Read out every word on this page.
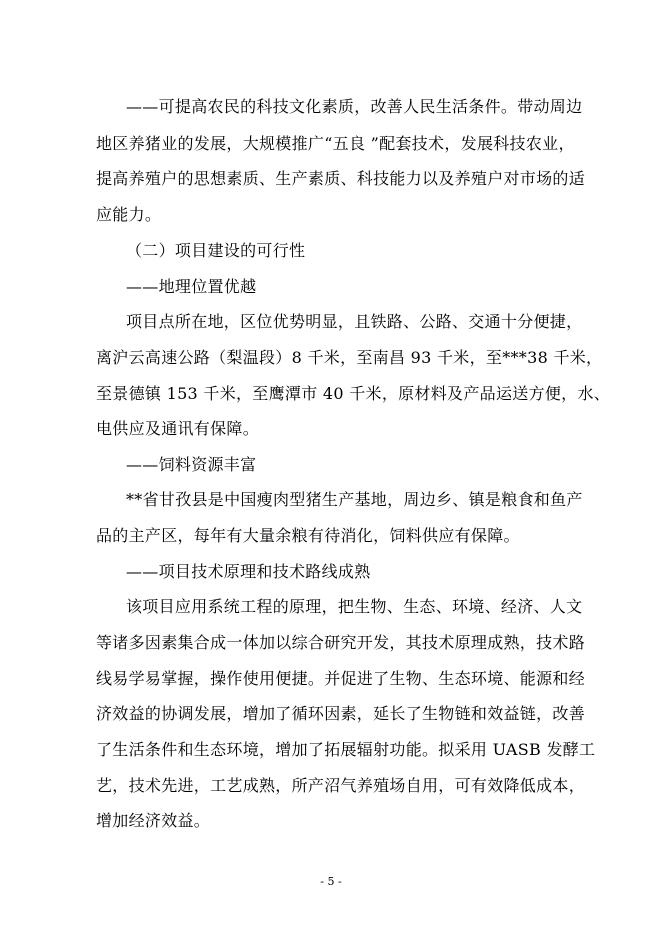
——可提高农民的科技文化素质，改善人民生活条件。带动周边
地区养猪业的发展，大规模推广“五良 ”配套技术，发展科技农业，
提高养殖户的思想素质、生产素质、科技能力以及养殖户对市场的适
应能力。
（二）项目建设的可行性
——地理位置优越
项目点所在地，区位优势明显，且铁路、公路、交通十分便捷，
离沪云高速公路（梨温段）8 千米，至南昌 93 千米，至***38 千米，
至景德镇 153 千米，至鹰潭市 40 千米，原材料及产品运送方便，水、
电供应及通讯有保障。
——饲料资源丰富
**省甘孜县是中国瘦肉型猪生产基地，周边乡、镇是粮食和鱼产
品的主产区，每年有大量余粮有待消化，饲料供应有保障。
——项目技术原理和技术路线成熟
该项目应用系统工程的原理，把生物、生态、环境、经济、人文
等诸多因素集合成一体加以综合研究开发，其技术原理成熟，技术路
线易学易掌握，操作使用便捷。并促进了生物、生态环境、能源和经
济效益的协调发展，增加了循环因素，延长了生物链和效益链，改善
了生活条件和生态环境，增加了拓展辐射功能。拟采用 UASB 发酵工
艺，技术先进，工艺成熟，所产沼气养殖场自用，可有效降低成本，
增加经济效益。
- 5 -
